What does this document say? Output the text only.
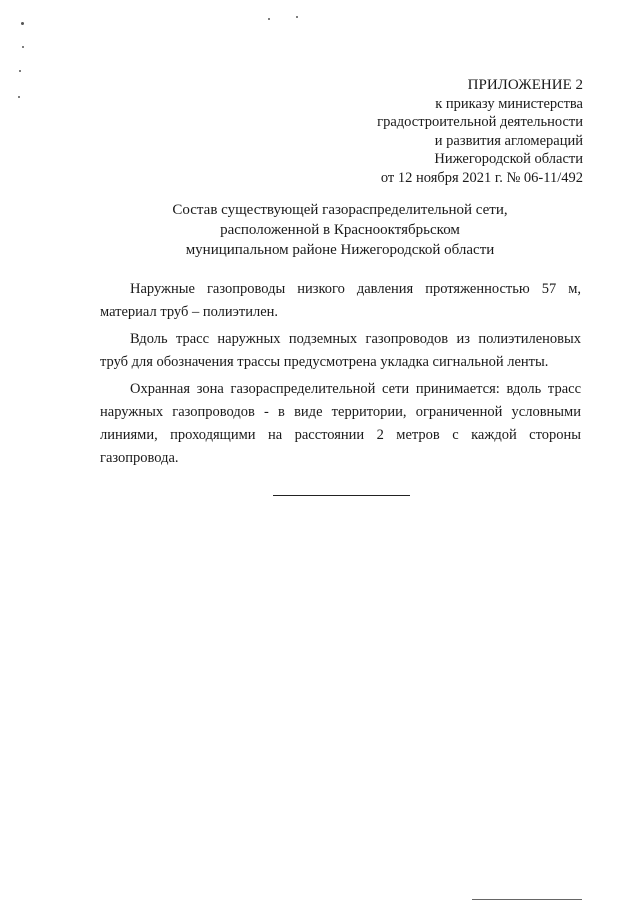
ПРИЛОЖЕНИЕ 2
к приказу министерства
градостроительной деятельности
и развития агломераций
Нижегородской области
от 12 ноября 2021 г. № 06-11/492
Состав существующей газораспределительной сети,
расположенной в Краснооктябрьском
муниципальном районе Нижегородской области

Наружные газопроводы низкого давления протяженностью 57 м, материал труб – полиэтилен.

Вдоль трасс наружных подземных газопроводов из полиэтиленовых труб для обозначения трассы предусмотрена укладка сигнальной ленты.

Охранная зона газораспределительной сети принимается: вдоль трасс наружных газопроводов - в виде территории, ограниченной условными линиями, проходящими на расстоянии 2 метров с каждой стороны газопровода.
